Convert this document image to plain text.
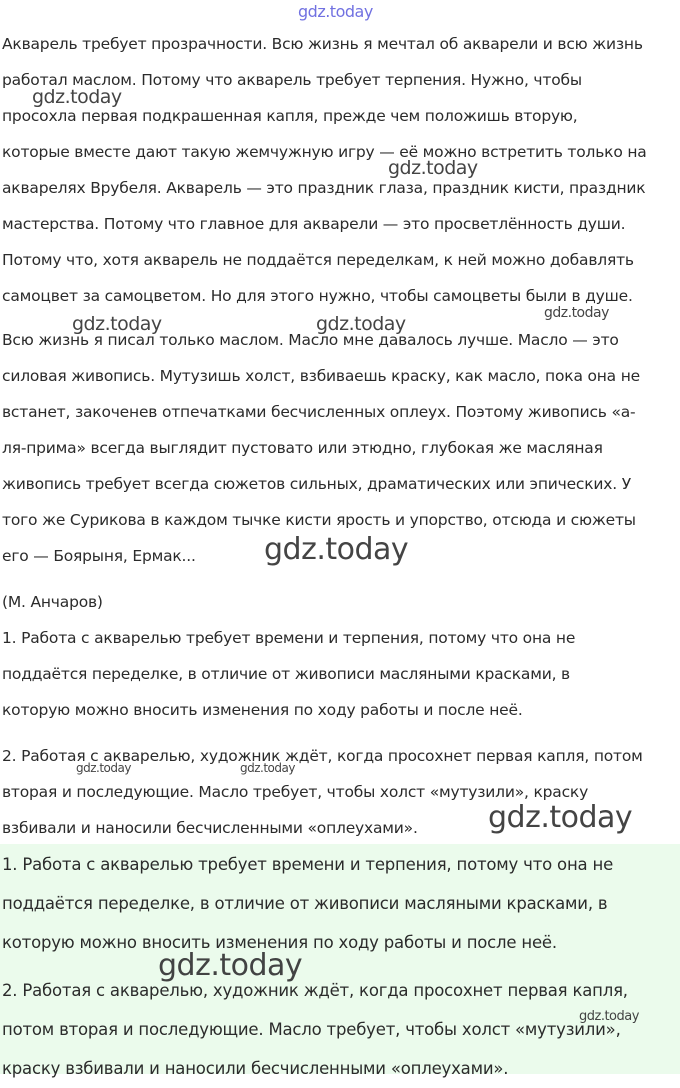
Акварель требует прозрачности. Всю жизнь я мечтал об акварели и всю жизнь
работал маслом. Потому что акварель требует терпения. Нужно, чтобы
просохла первая подкрашенная капля, прежде чем положишь вторую,
которые вместе дают такую жемчужную игру — её можно встретить только на
акварелях Врубеля. Акварель — это праздник глаза, праздник кисти, праздник
мастерства. Потому что главное для акварели — это просветлённость души.
Потому что, хотя акварель не поддаётся переделкам, к ней можно добавлять
самоцвет за самоцветом. Но для этого нужно, чтобы самоцветы были в душе.
Всю жизнь я писал только маслом. Масло мне давалось лучше. Масло — это
силовая живопись. Мутузишь холст, взбиваешь краску, как масло, пока она не
встанет, закоченев отпечатками бесчисленных оплеух. Поэтому живопись «а-
ля-прима» всегда выглядит пустовато или этюдно, глубокая же масляная
живопись требует всегда сюжетов сильных, драматических или эпических. У
того же Сурикова в каждом тычке кисти ярость и упорство, отсюда и сюжеты
его — Боярыня, Ермак...
(М. Анчаров)
1. Работа с акварелью требует времени и терпения, потому что она не
поддаётся переделке, в отличие от живописи масляными красками, в
которую можно вносить изменения по ходу работы и после неё.
2. Работая с акварелью, художник ждёт, когда просохнет первая капля, потом
вторая и последующие. Масло требует, чтобы холст «мутузили», краску
взбивали и наносили бесчисленными «оплеухами».
1. Работа с акварелью требует времени и терпения, потому что она не
поддаётся переделке, в отличие от живописи масляными красками, в
которую можно вносить изменения по ходу работы и после неё.
2. Работая с акварелью, художник ждёт, когда просохнет первая капля,
потом вторая и последующие. Масло требует, чтобы холст «мутузили»,
краску взбивали и наносили бесчисленными «оплеухами».
gdz.today
gdz.today
gdz.today
gdz.today	gdz.today	gdz.today
gdz.today
gdz.today	gdz.today
gdz.today
gdz.today
gdz.today
